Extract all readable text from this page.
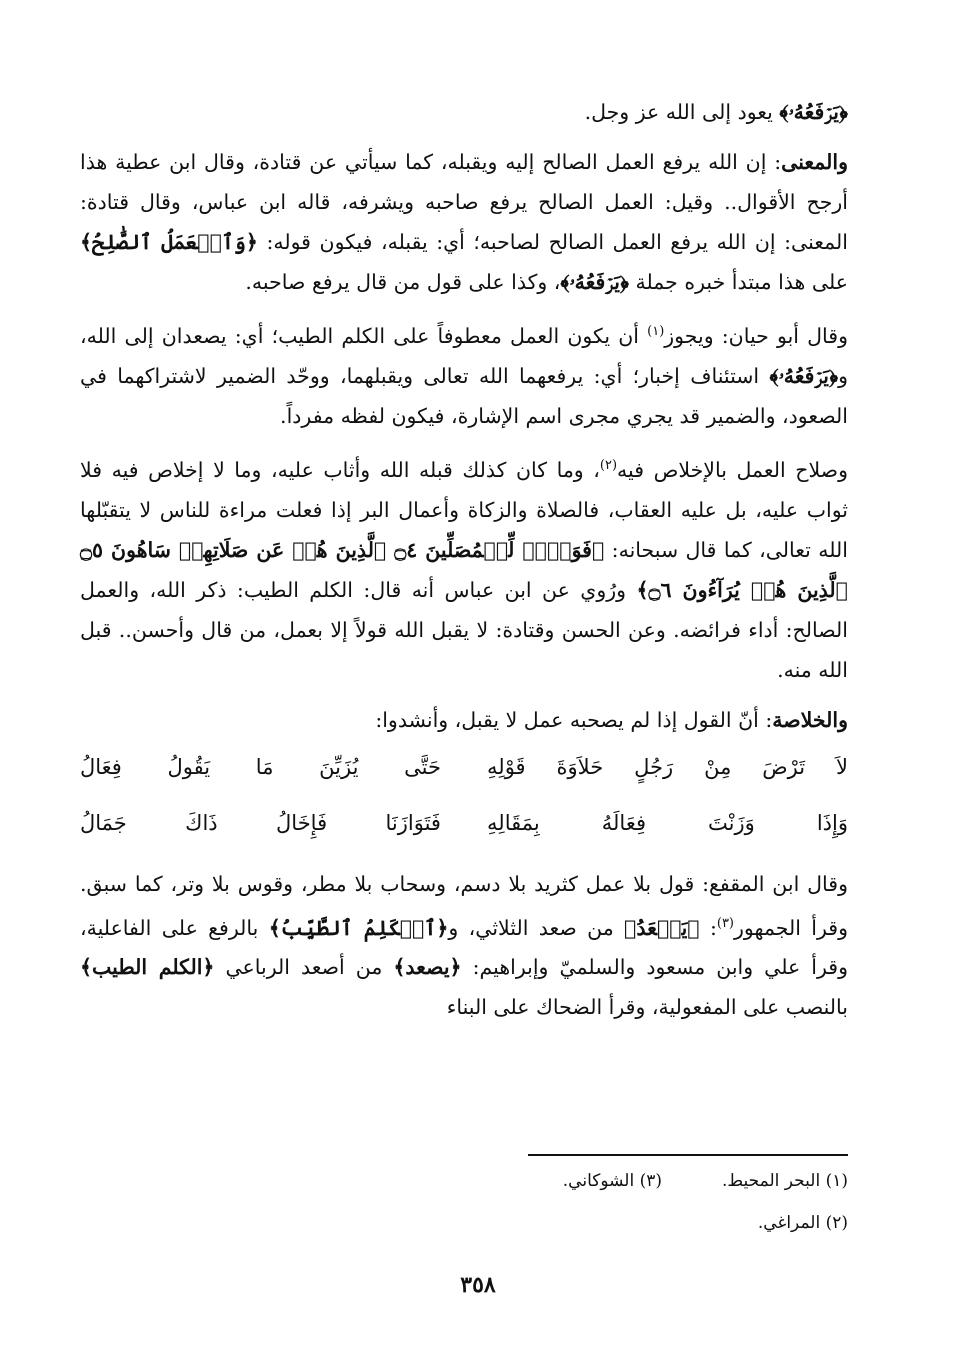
﴿يَرۡفَعُهُۥ﴾ يعود إلى الله عز وجل.

والمعنى: إن الله يرفع العمل الصالح إليه ويقبله، كما سيأتي عن قتادة، وقال ابن عطية هذا أرجح الأقوال.. وقيل: العمل الصالح يرفع صاحبه ويشرفه، قاله ابن عباس، وقال قتادة: المعنى: إن الله يرفع العمل الصالح لصاحبه؛ أي: يقبله، فيكون قوله: ﴿وَٱلۡعَمَلُ ٱلصَّٰلِحُ﴾ على هذا مبتدأ خبره جملة ﴿يَرۡفَعُهُۥ﴾، وكذا على قول من قال يرفع صاحبه.

وقال أبو حيان: ويجوز$^{(١)}$ أن يكون العمل معطوفاً على الكلم الطيب؛ أي: يصعدان إلى الله، و﴿يَرۡفَعُهُۥ﴾ استئناف إخبار؛ أي: يرفعهما الله تعالى ويقبلهما، ووحّد الضمير لاشتراكهما في الصعود، والضمير قد يجري مجرى اسم الإشارة، فيكون لفظه مفرداً.

وصلاح العمل بالإخلاص فيه$^{(٢)}$، وما كان كذلك قبله الله وأثاب عليه، وما لا إخلاص فيه فلا ثواب عليه، بل عليه العقاب، فالصلاة والزكاة وأعمال البر إذا فعلت مراءة للناس لا يتقبّلها الله تعالى، كما قال سبحانه: ﴿فَوَيۡلٞ لِّلۡمُصَلِّينَ ۝٤ ٱلَّذِينَ هُمۡ عَن صَلَاتِهِمۡ سَاهُونَ ۝٥ ٱلَّذِينَ هُمۡ يُرَآءُونَ ۝٦﴾ ورُوي عن ابن عباس أنه قال: الكلم الطيب: ذكر الله، والعمل الصالح: أداء فرائضه. وعن الحسن وقتادة: لا يقبل الله قولاً إلا بعمل، من قال وأحسن.. قبل الله منه.

والخلاصة: أنّ القول إذا لم يصحبه عمل لا يقبل، وأنشدوا:

لاَ تَرْضَ مِنْ رَجُلٍ حَلاَوَةَ قَوْلِهِ
حَتَّى يُزَيِّنَ مَا يَقُولُ فِعَالُ
وَإِذَا وَزَنْتَ فِعَالَهُ بِمَقَالِهِ
فَتَوَازَنَا فَإِخَالُ ذَاكَ جَمَالُ

وقال ابن المقفع: قول بلا عمل كثريد بلا دسم، وسحاب بلا مطر، وقوس بلا وتر، كما سبق. وقرأ الجمهور$^{(٣)}$: ﴿يَصۡعَدُ﴾ من صعد الثلاثي، و﴿ٱلۡكَلِمُ ٱلطَّيِّبُ﴾ بالرفع على الفاعلية، وقرأ علي وابن مسعود والسلميّ وإبراهيم: ﴿يصعد﴾ من أصعد الرباعي ﴿الكلم الطيب﴾ بالنصب على المفعولية، وقرأ الضحاك على البناء

(١) البحر المحيط.
(٣) الشوكاني.
(٢) المراغي.
٣٥٨
